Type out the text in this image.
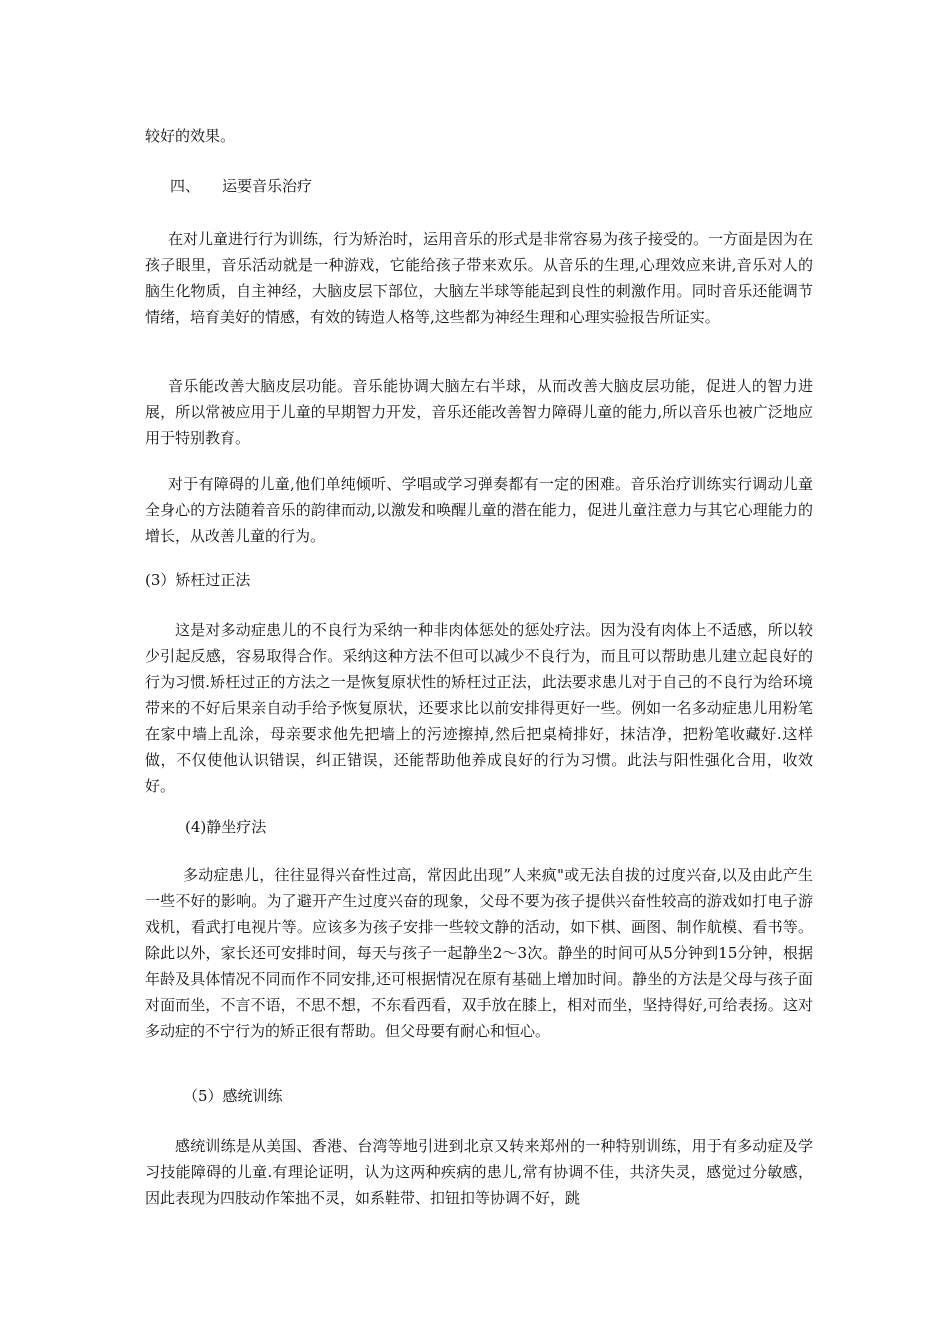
较好的效果。

四、 运要音乐治疗

在对儿童进行行为训练，行为矫治时，运用音乐的形式是非常容易为孩子接受的。一方面是因为在孩子眼里，音乐活动就是一种游戏，它能给孩子带来欢乐。从音乐的生理,心理效应来讲,音乐对人的脑生化物质，自主神经，大脑皮层下部位，大脑左半球等能起到良性的刺激作用。同时音乐还能调节情绪，培育美好的情感，有效的铸造人格等,这些都为神经生理和心理实验报告所证实。

音乐能改善大脑皮层功能。音乐能协调大脑左右半球，从而改善大脑皮层功能，促进人的智力进展，所以常被应用于儿童的早期智力开发，音乐还能改善智力障碍儿童的能力,所以音乐也被广泛地应用于特别教育。

对于有障碍的儿童,他们单纯倾听、学唱或学习弹奏都有一定的困难。音乐治疗训练实行调动儿童全身心的方法随着音乐的韵律而动,以激发和唤醒儿童的潜在能力，促进儿童注意力与其它心理能力的增长，从改善儿童的行为。

(3）矫枉过正法

这是对多动症患儿的不良行为采纳一种非肉体惩处的惩处疗法。因为没有肉体上不适感，所以较少引起反感，容易取得合作。采纳这种方法不但可以减少不良行为，而且可以帮助患儿建立起良好的行为习惯.矫枉过正的方法之一是恢复原状性的矫枉过正法，此法要求患儿对于自己的不良行为给环境带来的不好后果亲自动手给予恢复原状，还要求比以前安排得更好一些。例如一名多动症患儿用粉笔在家中墙上乱涂，母亲要求他先把墙上的污迹擦掉,然后把桌椅排好，抹洁净，把粉笔收藏好.这样做，不仅使他认识错误，纠正错误，还能帮助他养成良好的行为习惯。此法与阳性强化合用，收效好。

(4)静坐疗法

多动症患儿，往往显得兴奋性过高，常因此出现”人来疯"或无法自拔的过度兴奋,以及由此产生一些不好的影响。为了避开产生过度兴奋的现象，父母不要为孩子提供兴奋性较高的游戏如打电子游戏机，看武打电视片等。应该多为孩子安排一些较文静的活动，如下棋、画图、制作航模、看书等。除此以外，家长还可安排时间，每天与孩子一起静坐2～3次。静坐的时间可从5分钟到15分钟，根据年龄及具体情况不同而作不同安排,还可根据情况在原有基础上增加时间。静坐的方法是父母与孩子面对面而坐，不言不语，不思不想，不东看西看，双手放在膝上，相对而坐，坚持得好,可给表扬。这对多动症的不宁行为的矫正很有帮助。但父母要有耐心和恒心。

（5）感统训练

感统训练是从美国、香港、台湾等地引进到北京又转来郑州的一种特别训练，用于有多动症及学习技能障碍的儿童.有理论证明，认为这两种疾病的患儿,常有协调不佳，共济失灵，感觉过分敏感，因此表现为四肢动作笨拙不灵，如系鞋带、扣钮扣等协调不好，跳
